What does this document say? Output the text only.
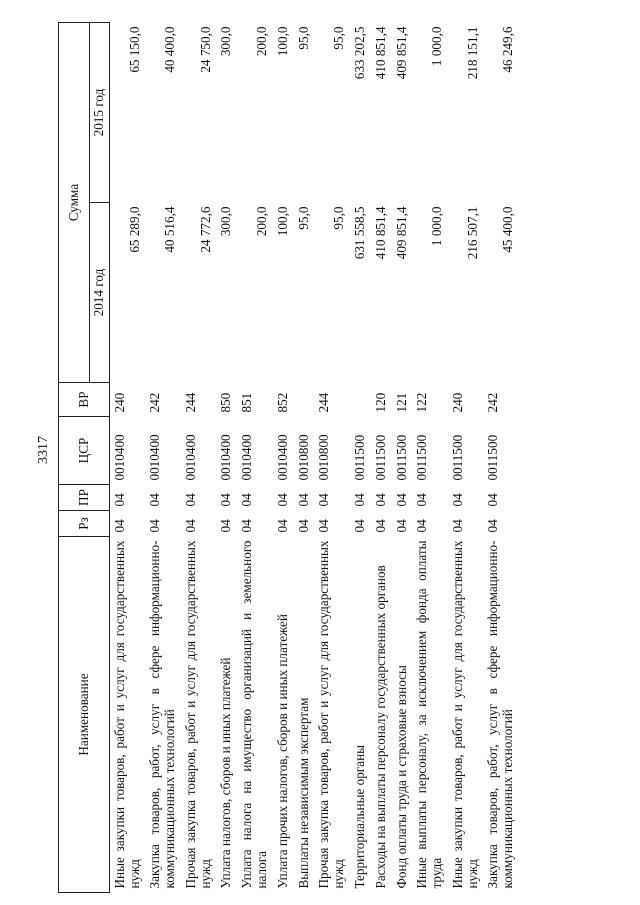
3317
Наименование	Рз	ПР	ЦСР	ВР	Сумма	
					2014 год	2015 год
Иные закупки товаров, работ и услуг для государственных нужд	04	04	0010400	240	65 289,0	65 150,0
Закупка товаров, работ, услуг в сфере информационно-коммуникационных технологий	04	04	0010400	242	40 516,4	40 400,0
Прочая закупка товаров, работ и услуг для государственных нужд	04	04	0010400	244	24 772,6	24 750,0
Уплата налогов, сборов и иных платежей	04	04	0010400	850	300,0	300,0
Уплата налога на имущество организаций и земельного налога	04	04	0010400	851	200,0	200,0
Уплата прочих налогов, сборов и иных платежей	04	04	0010400	852	100,0	100,0
Выплаты независимым экспертам	04	04	0010800		95,0	95,0
Прочая закупка товаров, работ и услуг для государственных нужд	04	04	0010800	244	95,0	95,0
Территориальные органы	04	04	0011500		631 558,5	633 202,5
Расходы на выплаты персоналу государственных органов	04	04	0011500	120	410 851,4	410 851,4
Фонд оплаты труда и страховые взносы	04	04	0011500	121	409 851,4	409 851,4
Иные выплаты персоналу, за исключением фонда оплаты труда	04	04	0011500	122	1 000,0	1 000,0
Иные закупки товаров, работ и услуг для государственных нужд	04	04	0011500	240	216 507,1	218 151,1
Закупка товаров, работ, услуг в сфере информационно-коммуникационных технологий	04	04	0011500	242	45 400,0	46 249,6
